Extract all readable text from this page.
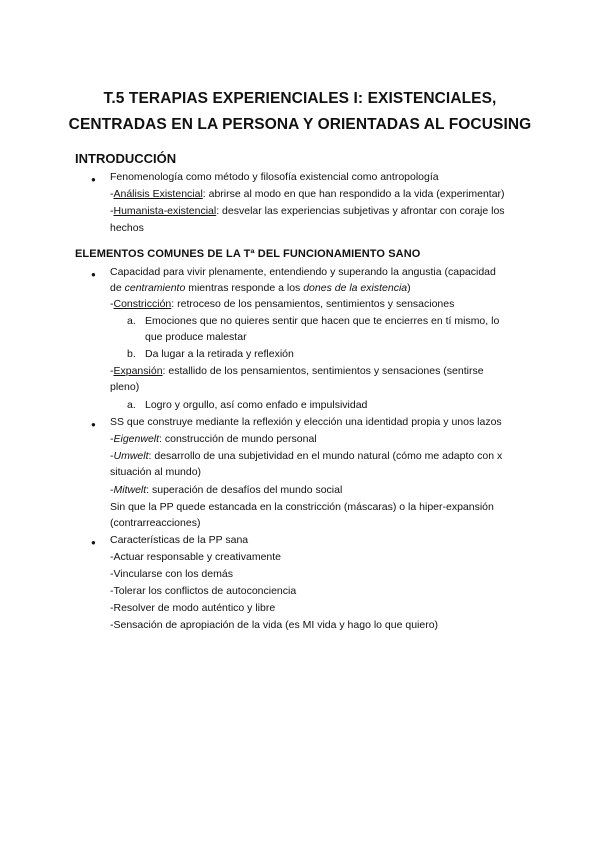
T.5 TERAPIAS EXPERIENCIALES I: EXISTENCIALES,
CENTRADAS EN LA PERSONA Y ORIENTADAS AL FOCUSING
INTRODUCCIÓN
● Fenomenología como método y filosofía existencial como antropología
-Análisis Existencial: abrirse al modo en que han respondido a la vida (experimentar)
-Humanista-existencial: desvelar las experiencias subjetivas y afrontar con coraje los
hechos
ELEMENTOS COMUNES DE LA Tª DEL FUNCIONAMIENTO SANO
● Capacidad para vivir plenamente, entendiendo y superando la angustia (capacidad
de centramiento mientras responde a los dones de la existencia)
-Constricción: retroceso de los pensamientos, sentimientos y sensaciones
a. Emociones que no quieres sentir que hacen que te encierres en tí mismo, lo
que produce malestar
b. Da lugar a la retirada y reflexión
-Expansión: estallido de los pensamientos, sentimientos y sensaciones (sentirse
pleno)
a. Logro y orgullo, así como enfado e impulsividad
● SS que construye mediante la reflexión y elección una identidad propia y unos lazos
-Eigenwelt: construcción de mundo personal
-Umwelt: desarrollo de una subjetividad en el mundo natural (cómo me adapto con x
situación al mundo)
-Mitwelt: superación de desafíos del mundo social
Sin que la PP quede estancada en la constricción (máscaras) o la hiper-expansión
(contrarreacciones)
● Características de la PP sana
-Actuar responsable y creativamente
-Vincularse con los demás
-Tolerar los conflictos de autoconciencia
-Resolver de modo auténtico y libre
-Sensación de apropiación de la vida (es MI vida y hago lo que quiero)
